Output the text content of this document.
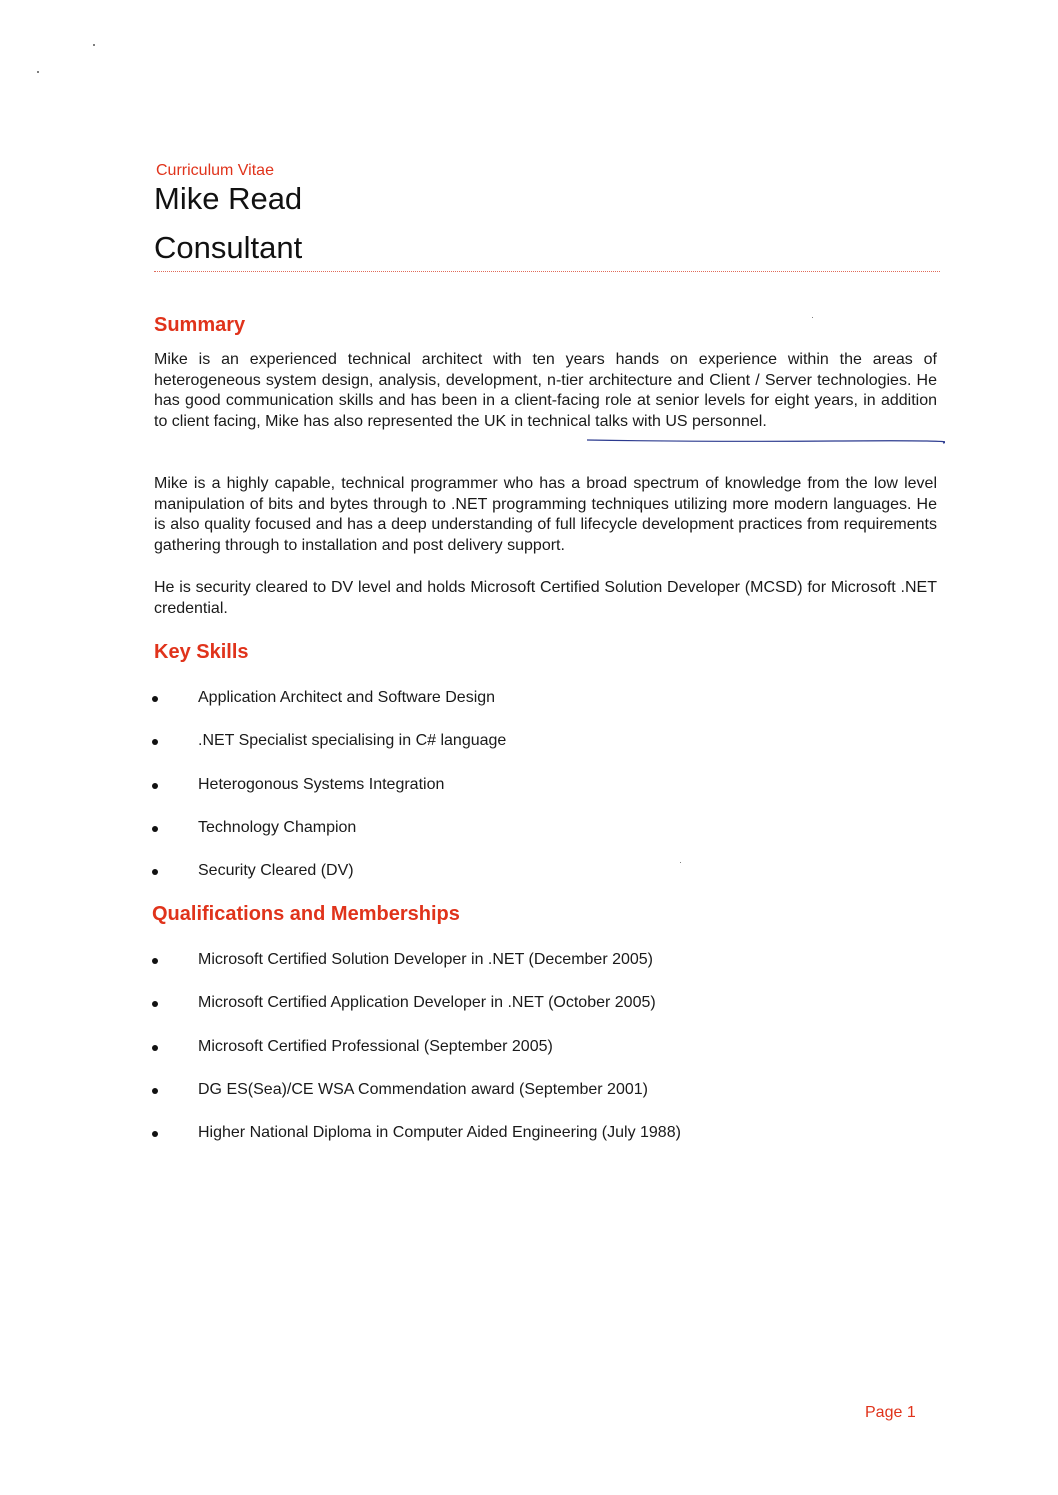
Curriculum Vitae
Mike Read
Consultant
Summary

Mike is an experienced technical architect with ten years hands on experience within the areas of heterogeneous system design, analysis, development, n-tier architecture and Client / Server technologies. He has good communication skills and has been in a client-facing role at senior levels for eight years, in addition to client facing, Mike has also represented the UK in technical talks with US personnel.

Mike is a highly capable, technical programmer who has a broad spectrum of knowledge from the low level manipulation of bits and bytes through to .NET programming techniques utilizing more modern languages. He is also quality focused and has a deep understanding of full lifecycle development practices from requirements gathering through to installation and post delivery support.

He is security cleared to DV level and holds Microsoft Certified Solution Developer (MCSD) for Microsoft .NET credential.

Key Skills
Application Architect and Software Design
.NET Specialist specialising in C# language
Heterogonous Systems Integration
Technology Champion
Security Cleared (DV)
Qualifications and Memberships
Microsoft Certified Solution Developer in .NET (December 2005)
Microsoft Certified Application Developer in .NET (October 2005)
Microsoft Certified Professional (September 2005)
DG ES(Sea)/CE WSA Commendation award (September 2001)
Higher National Diploma in Computer Aided Engineering (July 1988)
Page 1
